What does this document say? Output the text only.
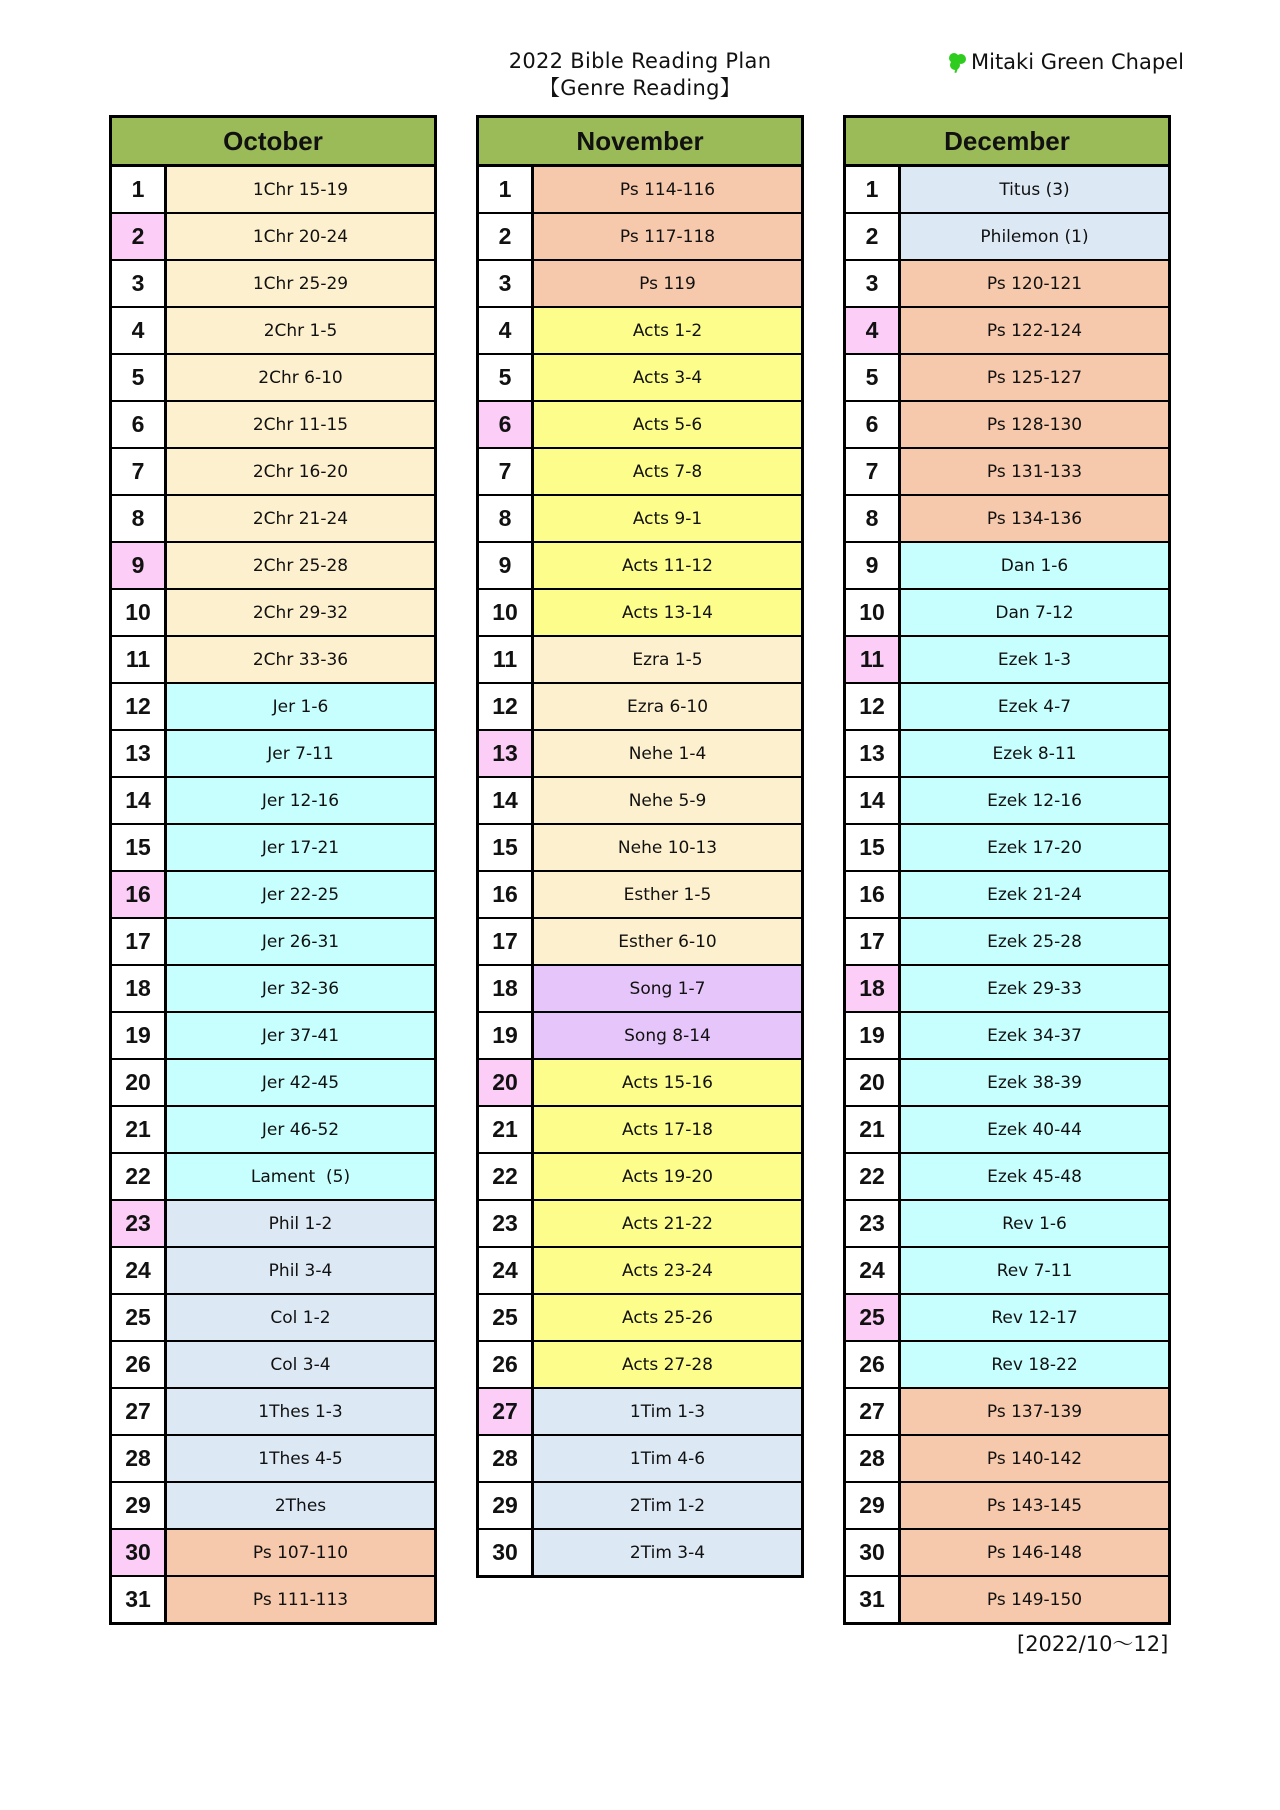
2022 Bible Reading Plan
【Genre Reading】
Mitaki Green Chapel
October
1	1Chr 15-19
2	1Chr 20-24
3	1Chr 25-29
4	2Chr 1-5
5	2Chr 6-10
6	2Chr 11-15
7	2Chr 16-20
8	2Chr 21-24
9	2Chr 25-28
10	2Chr 29-32
11	2Chr 33-36
12	Jer 1-6
13	Jer 7-11
14	Jer 12-16
15	Jer 17-21
16	Jer 22-25
17	Jer 26-31
18	Jer 32-36
19	Jer 37-41
20	Jer 42-45
21	Jer 46-52
22	Lament  (5)
23	Phil 1-2
24	Phil 3-4
25	Col 1-2
26	Col 3-4
27	1Thes 1-3
28	1Thes 4-5
29	2Thes
30	Ps 107-110
31	Ps 111-113
November
1	Ps 114-116
2	Ps 117-118
3	Ps 119
4	Acts 1-2
5	Acts 3-4
6	Acts 5-6
7	Acts 7-8
8	Acts 9-1
9	Acts 11-12
10	Acts 13-14
11	Ezra 1-5
12	Ezra 6-10
13	Nehe 1-4
14	Nehe 5-9
15	Nehe 10-13
16	Esther 1-5
17	Esther 6-10
18	Song 1-7
19	Song 8-14
20	Acts 15-16
21	Acts 17-18
22	Acts 19-20
23	Acts 21-22
24	Acts 23-24
25	Acts 25-26
26	Acts 27-28
27	1Tim 1-3
28	1Tim 4-6
29	2Tim 1-2
30	2Tim 3-4
December
1	Titus (3)
2	Philemon (1)
3	Ps 120-121
4	Ps 122-124
5	Ps 125-127
6	Ps 128-130
7	Ps 131-133
8	Ps 134-136
9	Dan 1-6
10	Dan 7-12
11	Ezek 1-3
12	Ezek 4-7
13	Ezek 8-11
14	Ezek 12-16
15	Ezek 17-20
16	Ezek 21-24
17	Ezek 25-28
18	Ezek 29-33
19	Ezek 34-37
20	Ezek 38-39
21	Ezek 40-44
22	Ezek 45-48
23	Rev 1-6
24	Rev 7-11
25	Rev 12-17
26	Rev 18-22
27	Ps 137-139
28	Ps 140-142
29	Ps 143-145
30	Ps 146-148
31	Ps 149-150
[2022/10～12]
